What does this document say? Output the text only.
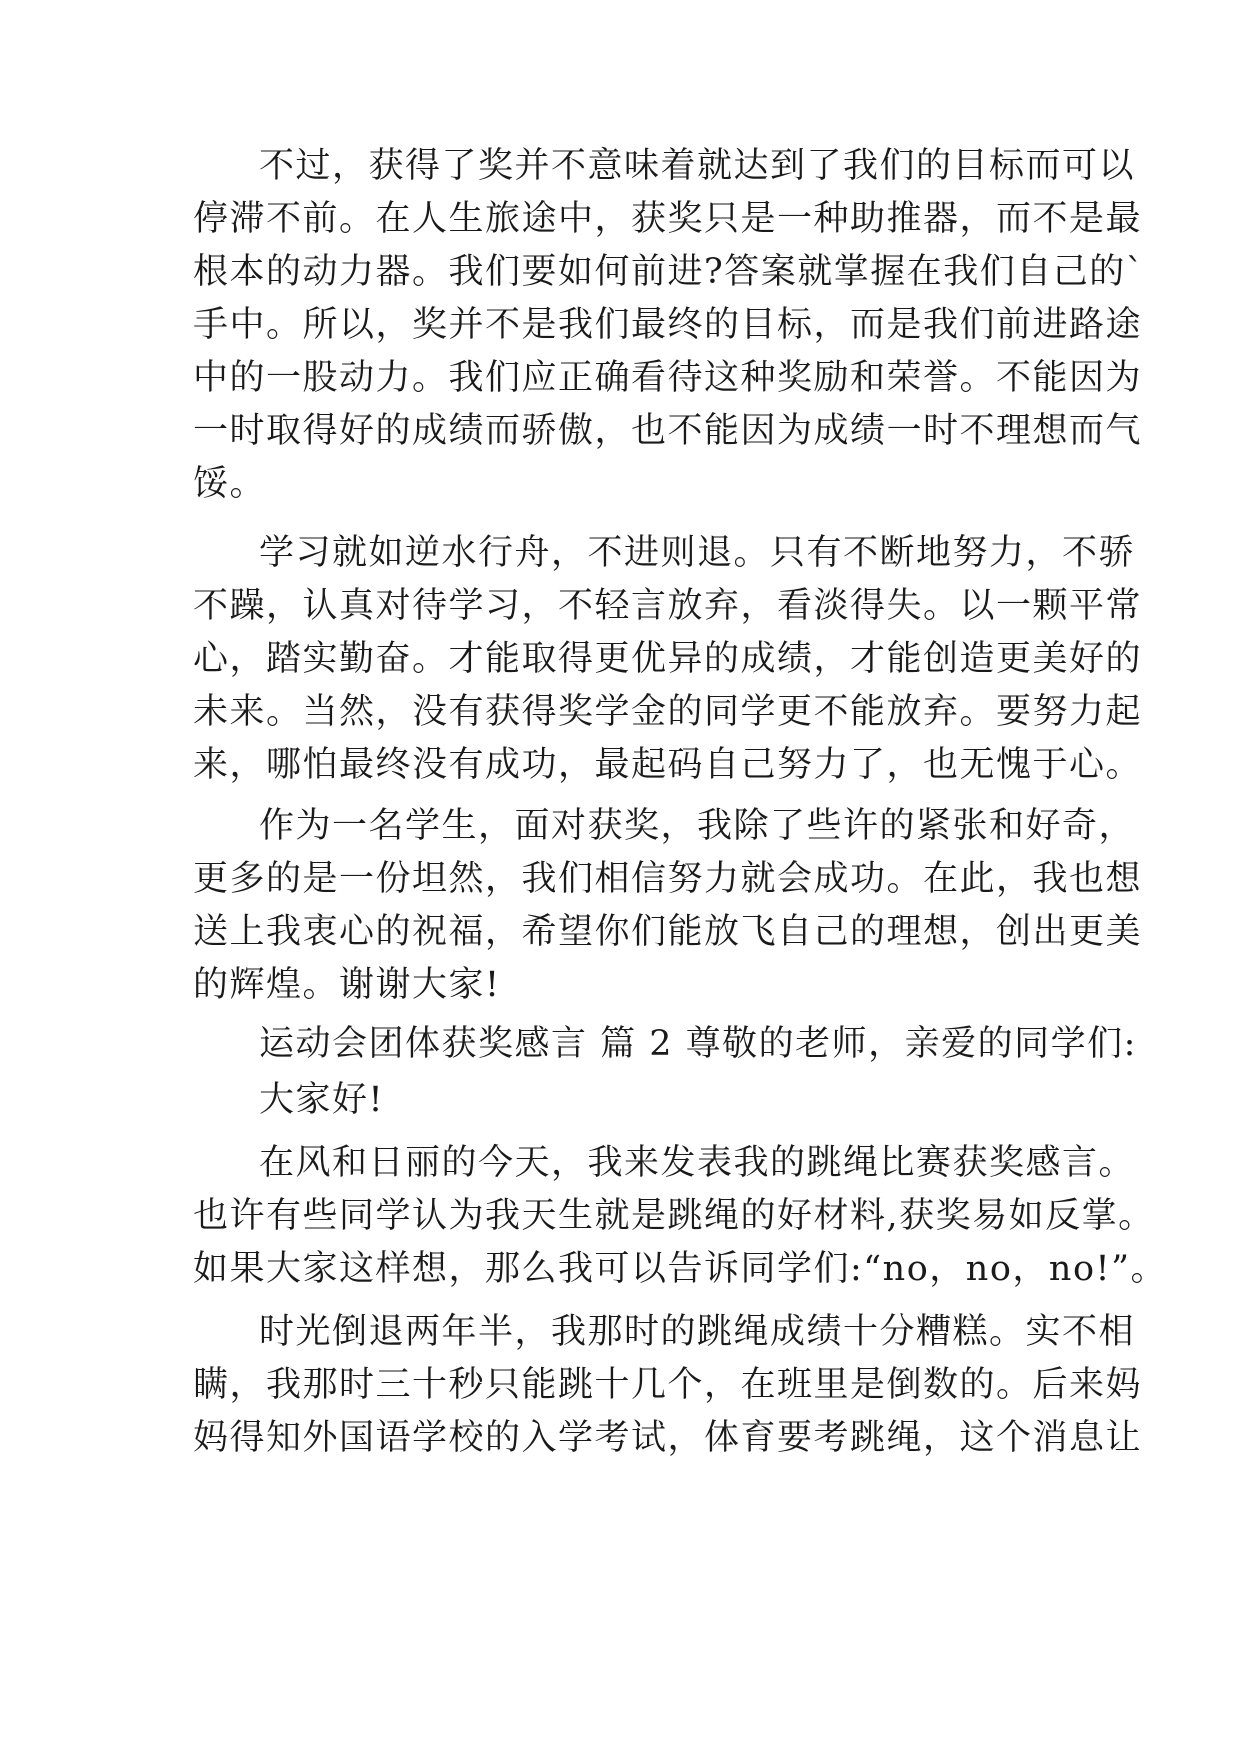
不过，获得了奖并不意味着就达到了我们的目标而可以
停滞不前。在人生旅途中，获奖只是一种助推器，而不是最
根本的动力器。我们要如何前进?答案就掌握在我们自己的`
手中。所以，奖并不是我们最终的目标，而是我们前进路途
中的一股动力。我们应正确看待这种奖励和荣誉。不能因为
一时取得好的成绩而骄傲，也不能因为成绩一时不理想而气
馁。
学习就如逆水行舟，不进则退。只有不断地努力，不骄
不躁，认真对待学习，不轻言放弃，看淡得失。以一颗平常
心，踏实勤奋。才能取得更优异的成绩，才能创造更美好的
未来。当然，没有获得奖学金的同学更不能放弃。要努力起
来，哪怕最终没有成功，最起码自己努力了，也无愧于心。
作为一名学生，面对获奖，我除了些许的紧张和好奇，
更多的是一份坦然，我们相信努力就会成功。在此，我也想
送上我衷心的祝福，希望你们能放飞自己的理想，创出更美
的辉煌。谢谢大家!
运动会团体获奖感言 篇 2 尊敬的老师，亲爱的同学们:
大家好!
在风和日丽的今天，我来发表我的跳绳比赛获奖感言。
也许有些同学认为我天生就是跳绳的好材料,获奖易如反掌。
如果大家这样想，那么我可以告诉同学们:“no，no，no!”。
时光倒退两年半，我那时的跳绳成绩十分糟糕。实不相
瞒，我那时三十秒只能跳十几个，在班里是倒数的。后来妈
妈得知外国语学校的入学考试，体育要考跳绳，这个消息让
